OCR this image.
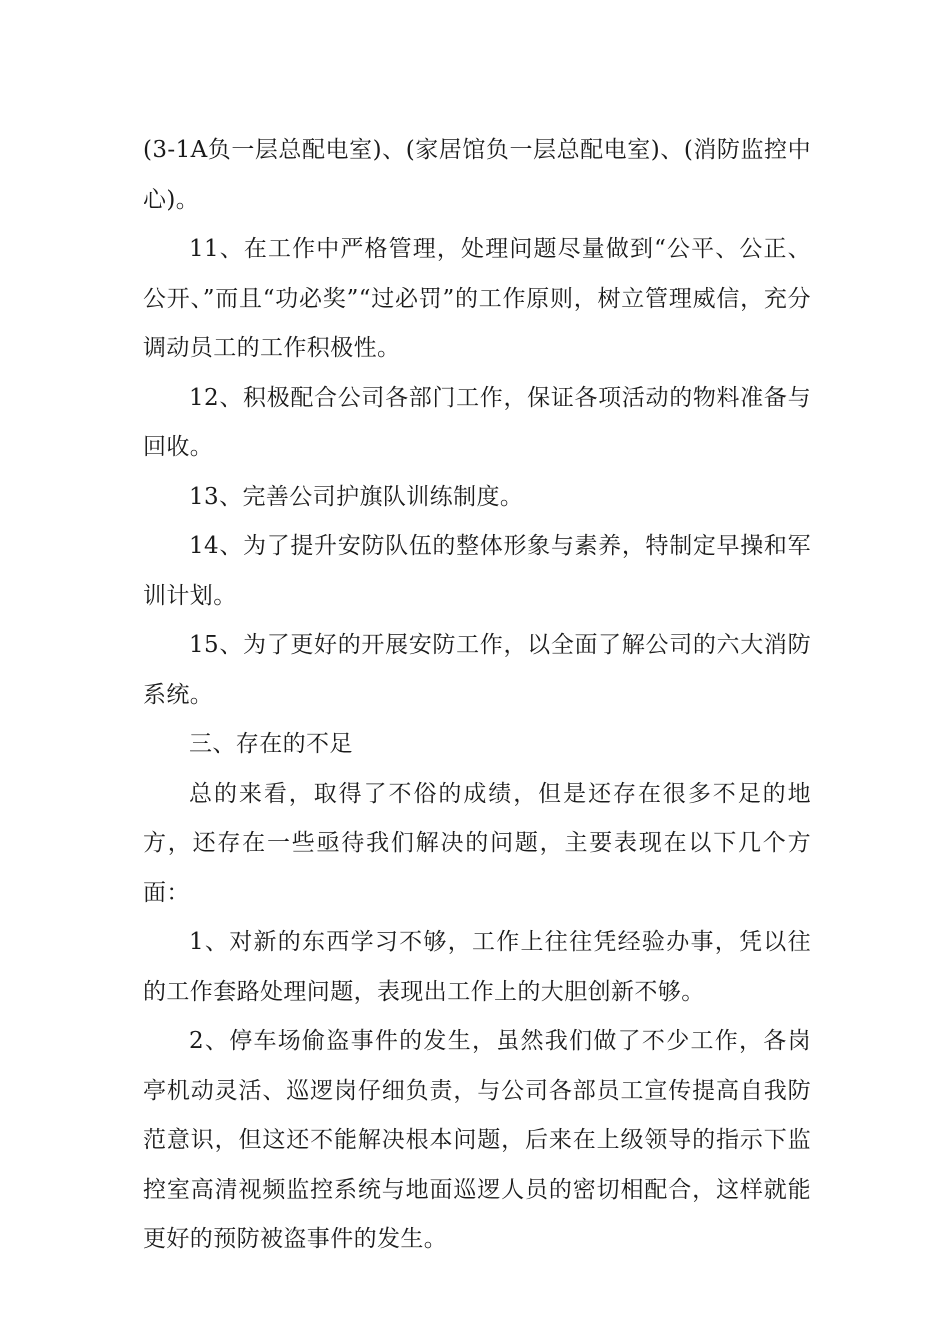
(3-1A负一层总配电室)、(家居馆负一层总配电室)、(消防监控中心)。

11、在工作中严格管理，处理问题尽量做到“公平、公正、公开、”而且“功必奖”“过必罚”的工作原则，树立管理威信，充分调动员工的工作积极性。

12、积极配合公司各部门工作，保证各项活动的物料准备与回收。

13、完善公司护旗队训练制度。

14、为了提升安防队伍的整体形象与素养，特制定早操和军训计划。

15、为了更好的开展安防工作，以全面了解公司的六大消防系统。

三、存在的不足

总的来看，取得了不俗的成绩，但是还存在很多不足的地方，还存在一些亟待我们解决的问题，主要表现在以下几个方面：

1、对新的东西学习不够，工作上往往凭经验办事，凭以往的工作套路处理问题，表现出工作上的大胆创新不够。

2、停车场偷盗事件的发生，虽然我们做了不少工作，各岗亭机动灵活、巡逻岗仔细负责，与公司各部员工宣传提高自我防范意识，但这还不能解决根本问题，后来在上级领导的指示下监控室高清视频监控系统与地面巡逻人员的密切相配合，这样就能更好的预防被盗事件的发生。
